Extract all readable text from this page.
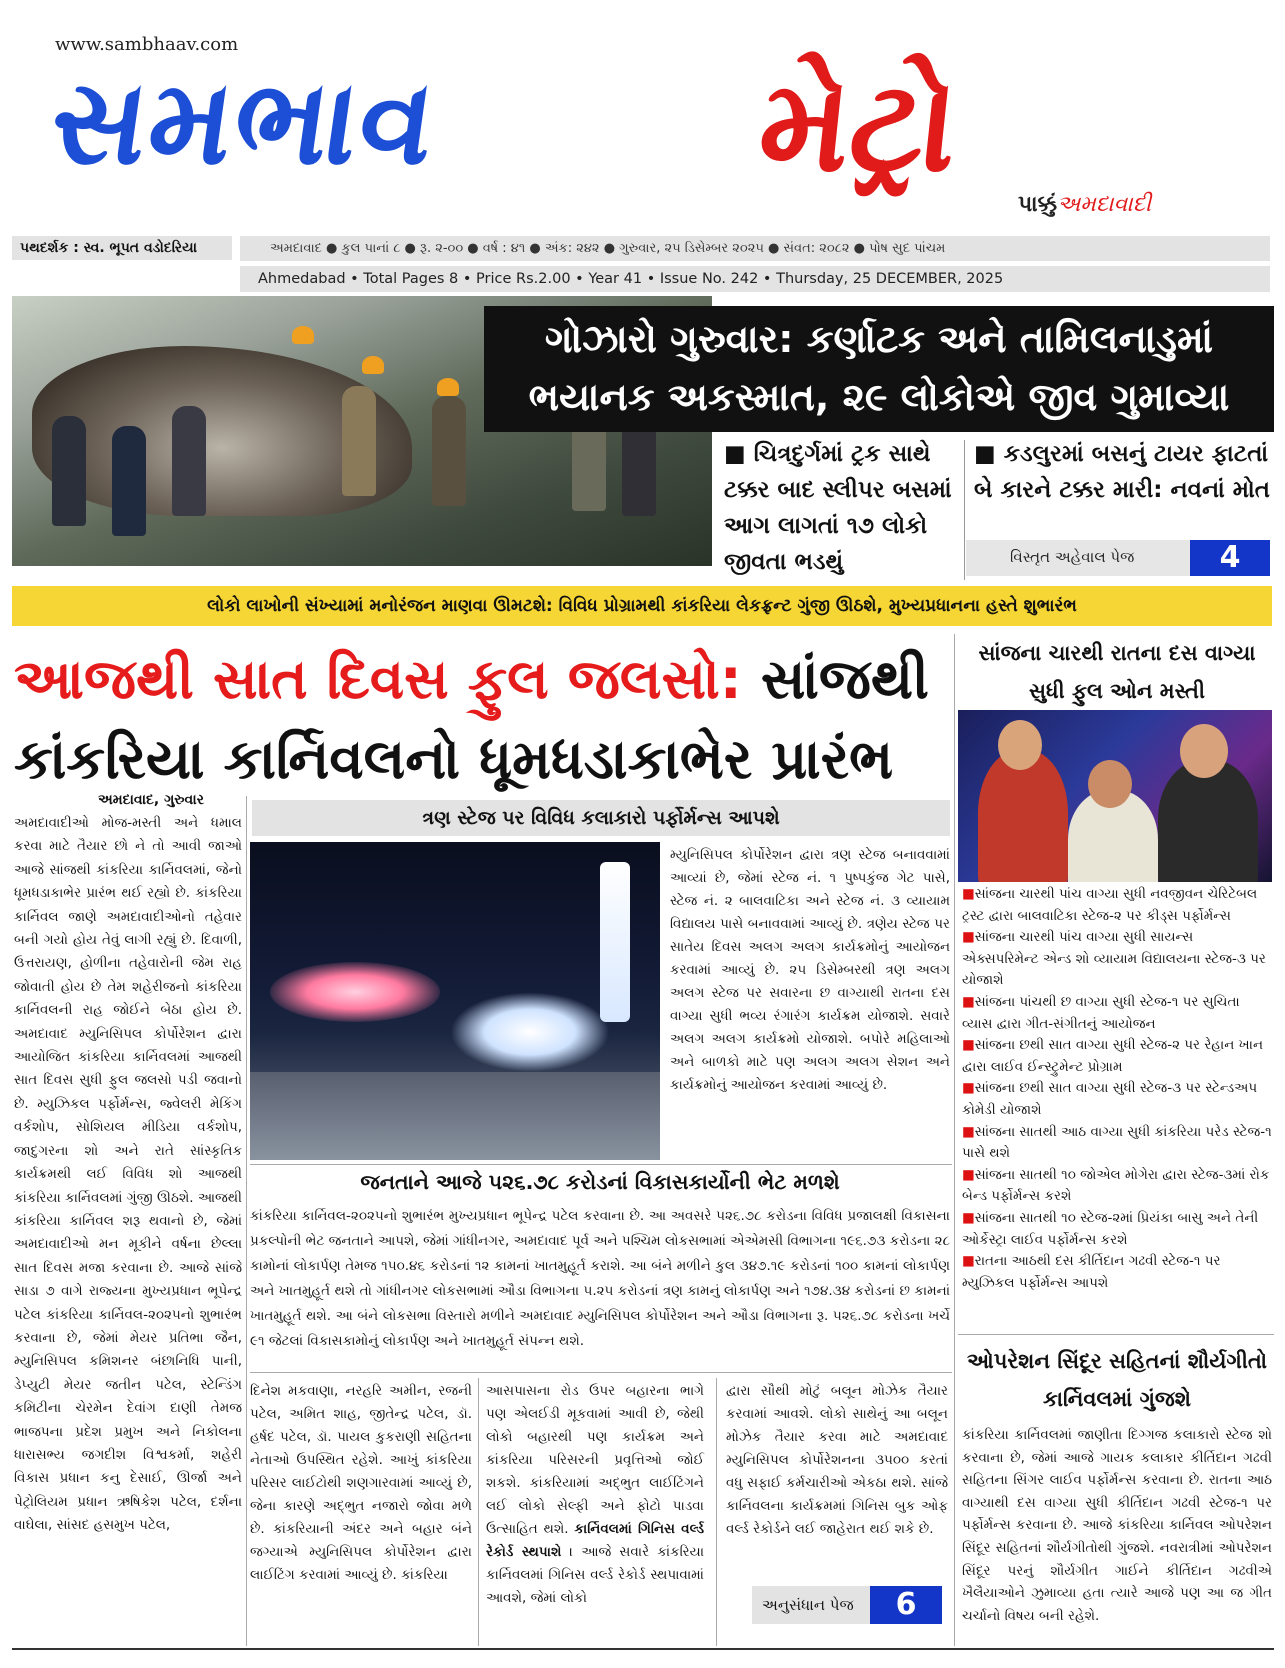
www.sambhaav.com
સમભાવ મેટ્રો
પાક્કુંઅમદાવાદી
પથદર્શક : સ્વ. ભૂપત વડોદરિયા	અમદાવાદ ● કુલ પાનાં ૮ ● રૂ. ૨-૦૦ ● વર્ષ : ૪૧ ● અંક: ૨૪૨ ● ગુરુવાર, ૨૫ ડિસેમ્બર ૨૦૨૫ ● સંવત: ૨૦૮૨ ● પોષ સુદ પાંચમ
Ahmedabad • Total Pages 8 • Price Rs.2.00 • Year 41 • Issue No. 242 • Thursday, 25 DECEMBER, 2025
ગોઝારો ગુરુવાર: કર્ણાટક અને તામિલનાડુમાં
ભયાનક અકસ્માત, ૨૯ લોકોએ જીવ ગુમાવ્યા
■ ચિત્રદુર્ગમાં ટ્રક સાથે ટક્કર બાદ સ્લીપર બસમાં આગ લાગતાં ૧૭ લોકો જીવતા ભડથું
■ કડલુરમાં બસનું ટાયર ફાટતાં બે કારને ટક્કર મારી: નવનાં મોત
વિસ્તૃત અહેવાલ પેજ	4
લોકો લાખોની સંખ્યામાં મનોરંજન માણવા ઊમટશે: વિવિધ પ્રોગ્રામથી કાંકરિયા લેકફ્રન્ટ ગુંજી ઊઠશે, મુખ્યપ્રધાનના હસ્તે શુભારંભ
આજથી સાત દિવસ ફુલ જલસો: સાંજથી
કાંકરિયા કાર્નિવલનો ધૂમધડાકાભેર પ્રારંભ
સાંજના ચારથી રાતના દસ વાગ્યા સુધી ફુલ ઓન મસ્તી
■ સાંજના ચારથી પાંચ વાગ્યા સુધી નવજીવન ચેરિટેબલ ટ્રસ્ટ દ્વારા બાલવાટિકા સ્ટેજ-૨ પર કીડ્સ પર્ફોર્મન્સ
■ સાંજના ચારથી પાંચ વાગ્યા સુધી સાયન્સ એક્સપરિમેન્ટ એન્ડ શો વ્યાયામ વિદ્યાલયના સ્ટેજ-૩ પર યોજાશે
■ સાંજના પાંચથી છ વાગ્યા સુધી સ્ટેજ-૧ પર સુચિતા વ્યાસ દ્વારા ગીત-સંગીતનું આયોજન
■ સાંજના છથી સાત વાગ્યા સુધી સ્ટેજ-૨ પર રેહાન ખાન દ્વારા લાઈવ ઈન્સ્ટ્રુમેન્ટ પ્રોગ્રામ
■ સાંજના છથી સાત વાગ્યા સુધી સ્ટેજ-૩ પર સ્ટેન્ડઅપ કોમેડી યોજાશે
■ સાંજના સાતથી આઠ વાગ્યા સુધી કાંકરિયા પરેડ સ્ટેજ-૧ પાસે થશે
■ સાંજના સાતથી ૧૦ જોએલ મોગેરા દ્વારા સ્ટેજ-૩માં રોક બેન્ડ પર્ફોર્મન્સ કરશે
■ સાંજના સાતથી ૧૦ સ્ટેજ-૨માં પ્રિયંકા બાસુ અને તેની ઓર્કેસ્ટ્રા લાઈવ પર્ફોર્મન્સ કરશે
■ રાતના આઠથી દસ કીર્તિદાન ગઢવી સ્ટેજ-૧ પર મ્યુઝિકલ પર્ફોર્મન્સ આપશે
અમદાવાદ, ગુરુવાર
અમદાવાદીઓ મોજ-મસ્તી અને ધમાલ કરવા માટે તૈયાર છો ને તો આવી જાઓ આજે સાંજથી કાંકરિયા કાર્નિવલમાં, જેનો ધૂમધડાકાભેર પ્રારંભ થઈ રહ્યો છે. કાંકરિયા કાર્નિવલ જાણે અમદાવાદીઓનો તહેવાર બની ગયો હોય તેવું લાગી રહ્યું છે. દિવાળી, ઉત્તરાયણ, હોળીના તહેવારોની જેમ રાહ જોવાતી હોય છે તેમ શહેરીજનો કાંકરિયા કાર્નિવલની રાહ જોઈને બેઠા હોય છે. અમદાવાદ મ્યુનિસિપલ કોર્પોરેશન દ્વારા આયોજિત કાંકરિયા કાર્નિવલમાં આજથી સાત દિવસ સુધી ફુલ જલસો પડી જવાનો છે. મ્યુઝિકલ પર્ફોર્મન્સ, જ્વેલરી મેકિંગ વર્કશોપ, સોશિયલ મીડિયા વર્કશોપ, જાદુગરના શો અને રાતે સાંસ્કૃતિક કાર્યક્રમથી લઈ વિવિધ શો આજથી કાંકરિયા કાર્નિવલમાં ગુંજી ઊઠશે. આજથી કાંકરિયા કાર્નિવલ શરૂ થવાનો છે, જેમાં અમદાવાદીઓ મન મૂકીને વર્ષના છેલ્લા સાત દિવસ મજા કરવાના છે. આજે સાંજે સાડા ૭ વાગે રાજ્યના મુખ્યપ્રધાન ભૂપેન્દ્ર પટેલ કાંકરિયા કાર્નિવલ-૨૦૨૫નો શુભારંભ કરવાના છે, જેમાં મેયર પ્રતિભા જૈન, મ્યુનિસિપલ કમિશનર બંછાનિધિ પાની, ડેપ્યુટી મેયર જતીન પટેલ, સ્ટેન્ડિંગ કમિટીના ચેરમેન દેવાંગ દાણી તેમજ ભાજપના પ્રદેશ પ્રમુખ અને નિકોલના ધારાસભ્ય જગદીશ વિશ્વકર્મા, શહેરી વિકાસ પ્રધાન કનુ દેસાઈ, ઊર્જા અને પેટ્રોલિયમ પ્રધાન ઋષિકેશ પટેલ, દર્શના વાઘેલા, સાંસદ હસમુખ પટેલ,
ત્રણ સ્ટેજ પર વિવિધ કલાકારો પર્ફોર્મન્સ આપશે
મ્યુનિસિપલ કોર્પોરેશન દ્વારા ત્રણ સ્ટેજ બનાવવામાં આવ્યાં છે, જેમાં સ્ટેજ નં. ૧ પુષ્પકુંજ ગેટ પાસે, સ્ટેજ નં. ૨ બાલવાટિકા અને સ્ટેજ નં. ૩ વ્યાયામ વિદ્યાલય પાસે બનાવવામાં આવ્યું છે. ત્રણેય સ્ટેજ પર સાતેય દિવસ અલગ અલગ કાર્યક્રમોનું આયોજન કરવામાં આવ્યું છે. ૨૫ ડિસેમ્બરથી ત્રણ અલગ અલગ સ્ટેજ પર સવારના છ વાગ્યાથી રાતના દસ વાગ્યા સુધી ભવ્ય રંગારંગ કાર્યક્રમ યોજાશે. સવારે અલગ અલગ કાર્યક્રમો યોજાશે. બપોરે મહિલાઓ અને બાળકો માટે પણ અલગ અલગ સેશન અને કાર્યક્રમોનું આયોજન કરવામાં આવ્યું છે.
જનતાને આજે ૫૨૬.૭૮ કરોડનાં વિકાસકાર્યોની ભેટ મળશે
કાંકરિયા કાર્નિવલ-૨૦૨૫નો શુભારંભ મુખ્યપ્રધાન ભૂપેન્દ્ર પટેલ કરવાના છે. આ અવસરે ૫૨૬.૭૮ કરોડના વિવિધ પ્રજાલક્ષી વિકાસના પ્રકલ્પોની ભેટ જનતાને આપશે, જેમાં ગાંધીનગર, અમદાવાદ પૂર્વ અને પશ્ચિમ લોકસભામાં એએમસી વિભાગના ૧૯૬.૭૩ કરોડના ૨૮ કામોનાં લોકાર્પણ તેમજ ૧૫૦.૪૬ કરોડનાં ૧૨ કામનાં ખાતમુહૂર્ત કરાશે. આ બંને મળીને કુલ ૩૪૭.૧૯ કરોડનાં ૧૦૦ કામનાં લોકાર્પણ અને ખાતમુહૂર્ત થશે તો ગાંધીનગર લોકસભામાં ઔડા વિભાગના ૫.૨૫ કરોડનાં ત્રણ કામનું લોકાર્પણ અને ૧૭૪.૩૪ કરોડનાં છ કામનાં ખાતમુહૂર્ત થશે. આ બંને લોકસભા વિસ્તારો મળીને અમદાવાદ મ્યુનિસિપલ કોર્પોરેશન અને ઔડા વિભાગના રૂ. ૫૨૬.૭૮ કરોડના ખર્ચે ૯૧ જેટલાં વિકાસકામોનું લોકાર્પણ અને ખાતમુહૂર્ત સંપન્ન થશે.
દિનેશ મકવાણા, નરહરિ અમીન, રજની પટેલ, અમિત શાહ, જીતેન્દ્ર પટેલ, ડૉ. હર્ષદ પટેલ, ડૉ. પાયલ કુકરાણી સહિતના નેતાઓ ઉપસ્થિત રહેશે. આખું કાંકરિયા પરિસર લાઈટોથી શણગારવામાં આવ્યું છે, જેના કારણે અદ્ભુત નજારો જોવા મળે છે. કાંકરિયાની અંદર અને બહાર બંને જગ્યાએ મ્યુનિસિપલ કોર્પોરેશન દ્વારા લાઈટિંગ કરવામાં આવ્યું છે. કાંકરિયા
આસપાસના રોડ ઉપર બહારના ભાગે પણ એલઈડી મૂકવામાં આવી છે, જેથી લોકો બહારથી પણ કાર્યક્રમ અને કાંકરિયા પરિસરની પ્રવૃત્તિઓ જોઈ શકશે. કાંકરિયામાં અદ્ભુત લાઈટિંગને લઈ લોકો સેલ્ફી અને ફોટો પાડવા ઉત્સાહિત થશે. કાર્નિવલમાં ગિનિસ વર્લ્ડ રેકોર્ડ સ્થપાશે । આજે સવારે કાંકરિયા કાર્નિવલમાં ગિનિસ વર્લ્ડ રેકોર્ડ સ્થપાવામાં આવશે, જેમાં લોકો
દ્વારા સૌથી મોટું બલૂન મોઝેક તૈયાર કરવામાં આવશે. લોકો સાથેનું આ બલૂન મોઝેક તૈયાર કરવા માટે અમદાવાદ મ્યુનિસિપલ કોર્પોરેશનના ૩૫૦૦ કરતાં વધુ સફાઈ કર્મચારીઓ એકઠા થશે. સાંજે કાર્નિવલના કાર્યક્રમમાં ગિનિસ બુક ઓફ વર્લ્ડ રેકોર્ડને લઈ જાહેરાત થઈ શકે છે.
અનુસંધાન પેજ	6
ઓપરેશન સિંદૂર સહિતનાં શૌર્યગીતો કાર્નિવલમાં ગુંજશે
કાંકરિયા કાર્નિવલમાં જાણીતા દિગ્ગજ કલાકારો સ્ટેજ શો કરવાના છે, જેમાં આજે ગાયક કલાકાર કીર્તિદાન ગઢવી સહિતના સિંગર લાઈવ પર્ફોર્મન્સ કરવાના છે. રાતના આઠ વાગ્યાથી દસ વાગ્યા સુધી કીર્તિદાન ગઢવી સ્ટેજ-૧ પર પર્ફોર્મન્સ કરવાના છે. આજે કાંકરિયા કાર્નિવલ ઓપરેશન સિંદૂર સહિતનાં શૌર્યગીતોથી ગુંજશે. નવરાત્રીમાં ઓપરેશન સિંદૂર પરનું શૌર્યગીત ગાઈને કીર્તિદાન ગઢવીએ ખૈલૈયાઓને ઝુમાવ્યા હતા ત્યારે આજે પણ આ જ ગીત ચર્ચાનો વિષય બની રહેશે.
